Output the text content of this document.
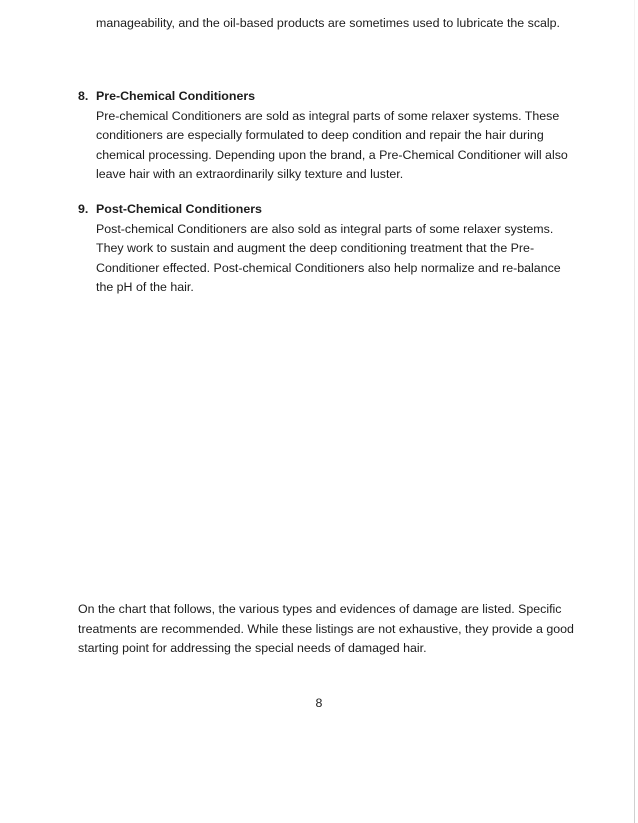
manageability, and the oil-based products are sometimes used to lubricate the scalp.

8. Pre-Chemical Conditioners

Pre-chemical Conditioners are sold as integral parts of some relaxer systems. These conditioners are especially formulated to deep condition and repair the hair during chemical processing. Depending upon the brand, a Pre-Chemical Conditioner will also leave hair with an extraordinarily silky texture and luster.

9. Post-Chemical Conditioners

Post-chemical Conditioners are also sold as integral parts of some relaxer systems. They work to sustain and augment the deep conditioning treatment that the Pre-Conditioner effected. Post-chemical Conditioners also help normalize and re-balance the pH of the hair.

On the chart that follows, the various types and evidences of damage are listed. Specific treatments are recommended. While these listings are not exhaustive, they provide a good starting point for addressing the special needs of damaged hair.

8
